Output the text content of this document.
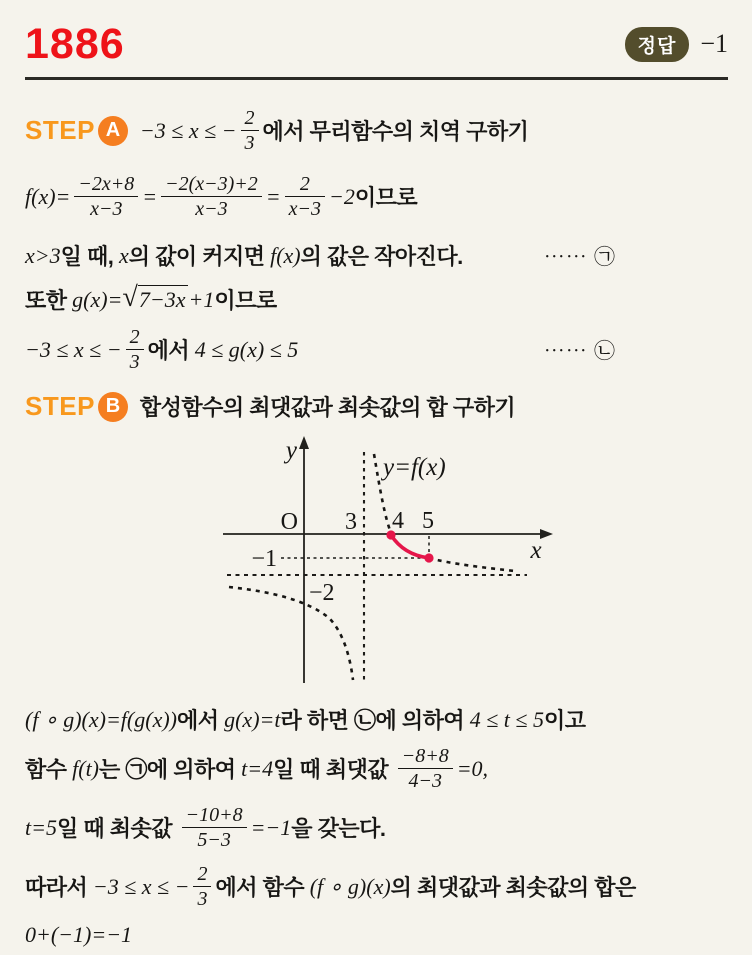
1886	정답 −1
STEP A −3 ≤ x ≤ − $\frac{2}{3}$ 에서 무리함수의 치역 구하기
$f(x)= \frac{-2x+8}{x-3} = \frac{-2(x-3)+2}{x-3} = \frac{2}{x-3} -2$ 이므로
x>3 일 때, x 의 값이 커지면 f(x) 의 값은 작아진다.	⋯⋯ ㉠
또한 g(x)= √ 7−3x +1 이므로
−3 ≤ x ≤ − $\frac{2}{3}$ 에서 4 ≤ g(x) ≤ 5	⋯⋯ ㉡
STEP B 합성함수의 최댓값과 최솟값의 합 구하기
y
x
O 3 4 5
−1
−2
y=f(x)
(f ∘ g)(x)=f(g(x)) 에서 g(x)=t 라 하면 ㉡에 의하여 4 ≤ t ≤ 5 이고
함수 f(t) 는 ㉠에 의하여 t=4 일 때 최댓값 $\frac{-8+8}{4-3} =0$,
t=5 일 때 최솟값 $\frac{-10+8}{5-3} =-1$ 을 갖는다.
따라서 −3 ≤ x ≤ − $\frac{2}{3}$ 에서 함수 (f ∘ g)(x) 의 최댓값과 최솟값의 합은
0+(−1)=−1
